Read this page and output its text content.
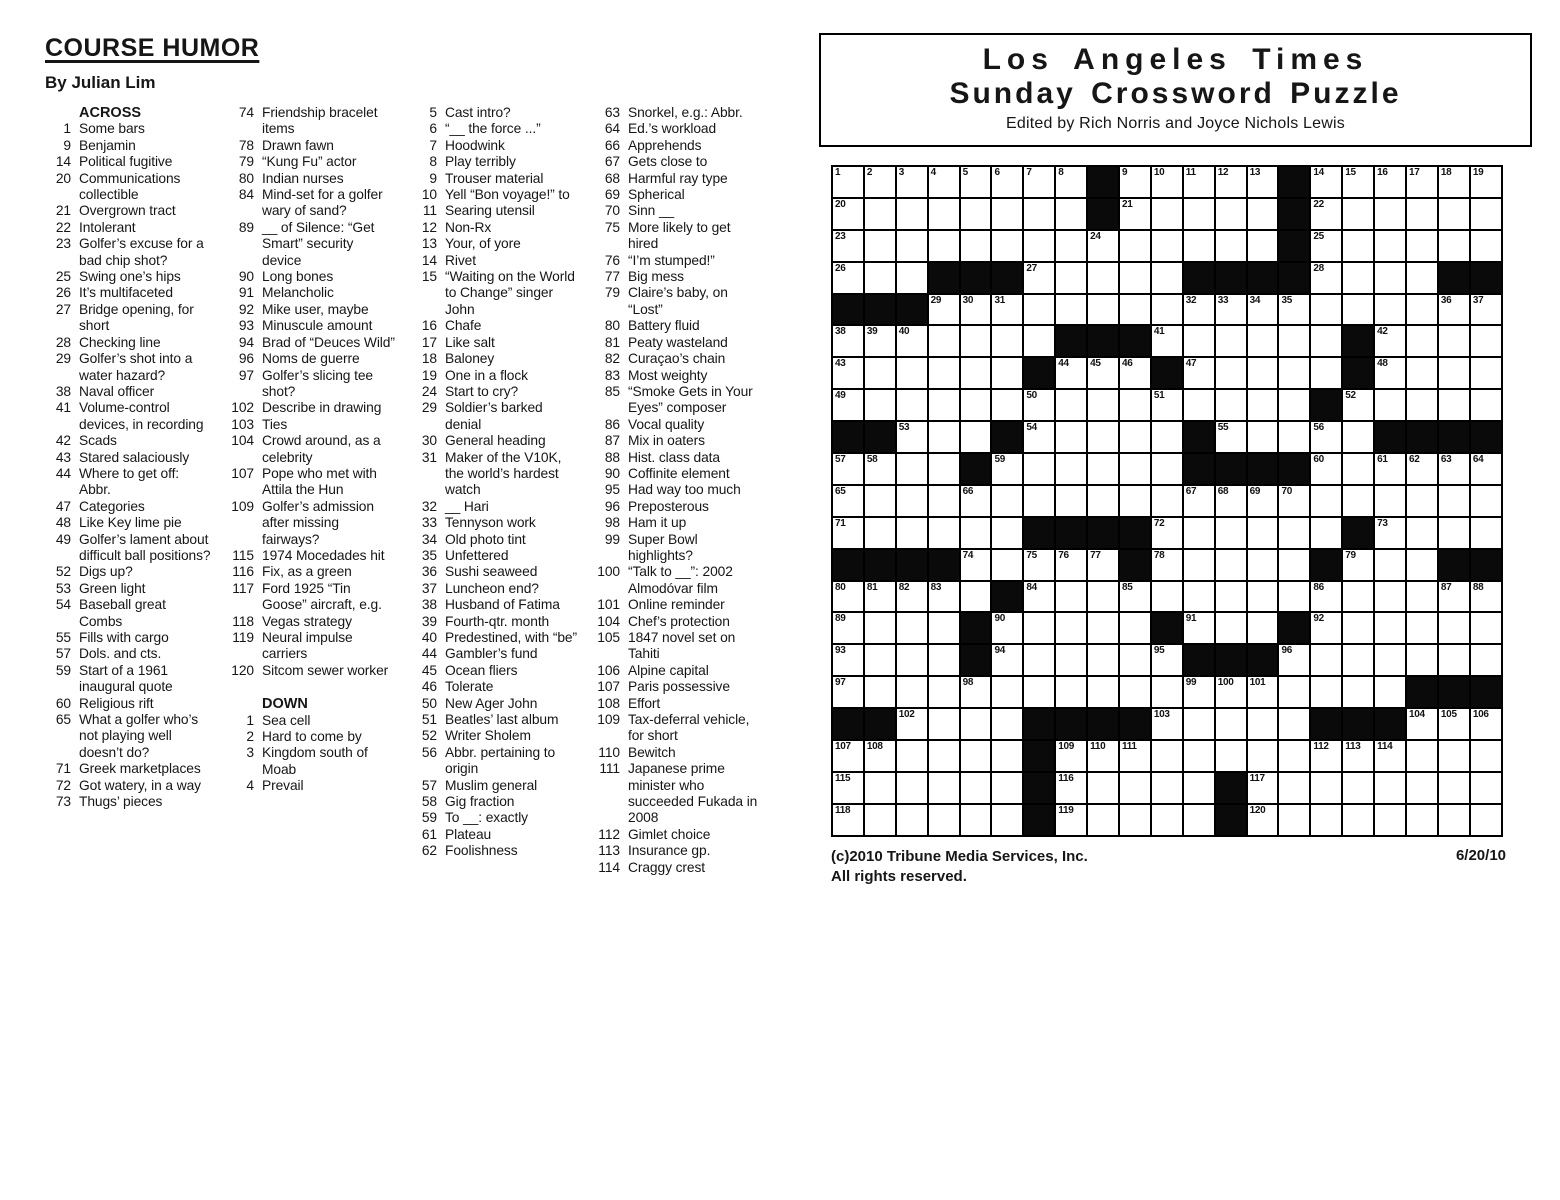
COURSE HUMOR
By Julian Lim
ACROSS
1 Some bars
9 Benjamin
14 Political fugitive
20 Communications collectible
21 Overgrown tract
22 Intolerant
23 Golfer’s excuse for a bad chip shot?
25 Swing one’s hips
26 It’s multifaceted
27 Bridge opening, for short
28 Checking line
29 Golfer’s shot into a water hazard?
38 Naval officer
41 Volume-control devices, in recording
42 Scads
43 Stared salaciously
44 Where to get off: Abbr.
47 Categories
48 Like Key lime pie
49 Golfer’s lament about difficult ball positions?
52 Digs up?
53 Green light
54 Baseball great Combs
55 Fills with cargo
57 Dols. and cts.
59 Start of a 1961 inaugural quote
60 Religious rift
65 What a golfer who’s not playing well doesn’t do?
71 Greek marketplaces
72 Got watery, in a way
73 Thugs’ pieces
74 Friendship bracelet items
78 Drawn fawn
79 “Kung Fu” actor
80 Indian nurses
84 Mind-set for a golfer wary of sand?
89 __ of Silence: “Get Smart” security device
90 Long bones
91 Melancholic
92 Mike user, maybe
93 Minuscule amount
94 Brad of “Deuces Wild”
96 Noms de guerre
97 Golfer’s slicing tee shot?
102 Describe in drawing
103 Ties
104 Crowd around, as a celebrity
107 Pope who met with Attila the Hun
109 Golfer’s admission after missing fairways?
115 1974 Mocedades hit
116 Fix, as a green
117 Ford 1925 “Tin Goose” aircraft, e.g.
118 Vegas strategy
119 Neural impulse carriers
120 Sitcom sewer worker
DOWN
1 Sea cell
2 Hard to come by
3 Kingdom south of Moab
4 Prevail
5 Cast intro?
6 “__ the force ...”
7 Hoodwink
8 Play terribly
9 Trouser material
10 Yell “Bon voyage!” to
11 Searing utensil
12 Non-Rx
13 Your, of yore
14 Rivet
15 “Waiting on the World to Change” singer John
16 Chafe
17 Like salt
18 Baloney
19 One in a flock
24 Start to cry?
29 Soldier’s barked denial
30 General heading
31 Maker of the V10K, the world’s hardest watch
32 __ Hari
33 Tennyson work
34 Old photo tint
35 Unfettered
36 Sushi seaweed
37 Luncheon end?
38 Husband of Fatima
39 Fourth-qtr. month
40 Predestined, with “be”
44 Gambler’s fund
45 Ocean fliers
46 Tolerate
50 New Ager John
51 Beatles’ last album
52 Writer Sholem
56 Abbr. pertaining to origin
57 Muslim general
58 Gig fraction
59 To __: exactly
61 Plateau
62 Foolishness
63 Snorkel, e.g.: Abbr.
64 Ed.’s workload
66 Apprehends
67 Gets close to
68 Harmful ray type
69 Spherical
70 Sinn __
75 More likely to get hired
76 “I’m stumped!”
77 Big mess
79 Claire’s baby, on “Lost”
80 Battery fluid
81 Peaty wasteland
82 Curaçao’s chain
83 Most weighty
85 “Smoke Gets in Your Eyes” composer
86 Vocal quality
87 Mix in oaters
88 Hist. class data
90 Coffinite element
95 Had way too much
96 Preposterous
98 Ham it up
99 Super Bowl highlights?
100 “Talk to __”: 2002 Almodóvar film
101 Online reminder
104 Chef’s protection
105 1847 novel set on Tahiti
106 Alpine capital
107 Paris possessive
108 Effort
109 Tax-deferral vehicle, for short
110 Bewitch
111 Japanese prime minister who succeeded Fukada in 2008
112 Gimlet choice
113 Insurance gp.
114 Craggy crest
Los Angeles Times
Sunday Crossword Puzzle
Edited by Rich Norris and Joyce Nichols Lewis
1	2	3	4	5	6	7	8	9	10 11 12 13	14 15 16 17 18 19
20	21	22
23	24	25
26	27	28
29 30 31	32 33 34 35	36 37
38 39 40	41	42
43	44 45 46	47	48
49	50	51	52
53	54	55	56
57 58	59	60	61 62 63 64
65	66	67 68 69 70
71	72	73
74	75 76 77	78	79
80 81 82 83	84	85	86	87 88
89	90	91	92
93	94	95	96
97	98	99 100 101
102	103	104 105 106
107 108	109 110 111	112 113 114
115	116	117
118	119	120
(c)2010 Tribune Media Services, Inc.
All rights reserved.
6/20/10
